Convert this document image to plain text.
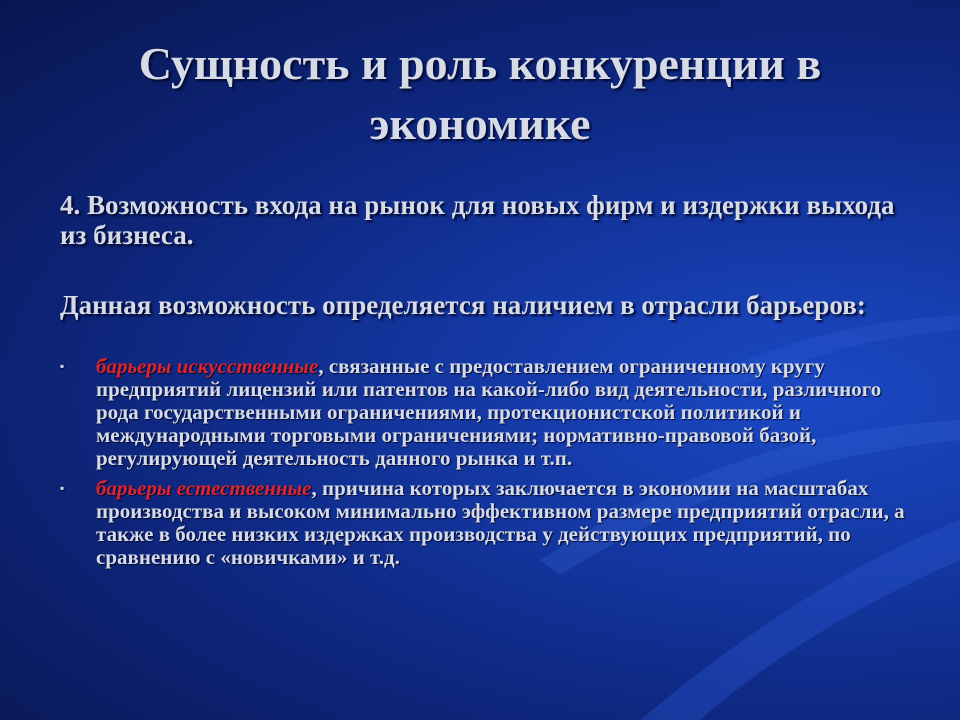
Сущность и роль конкуренции в экономике

4. Возможность входа на рынок для новых фирм и издержки выхода из бизнеса.

Данная возможность определяется наличием в отрасли барьеров:

▪ барьеры искусственные, связанные с предоставлением ограниченному кругу предприятий лицензий или патентов на какой-либо вид деятельности, различного рода государственными ограничениями, протекционистской политикой и международными торговыми ограничениями; нормативно-правовой базой, регулирующей деятельность данного рынка и т.п.
▪ барьеры естественные, причина которых заключается в экономии на масштабах производства и высоком минимально эффективном размере предприятий отрасли, а также в более низких издержках производства у действующих предприятий, по сравнению с «новичками» и т.д.
